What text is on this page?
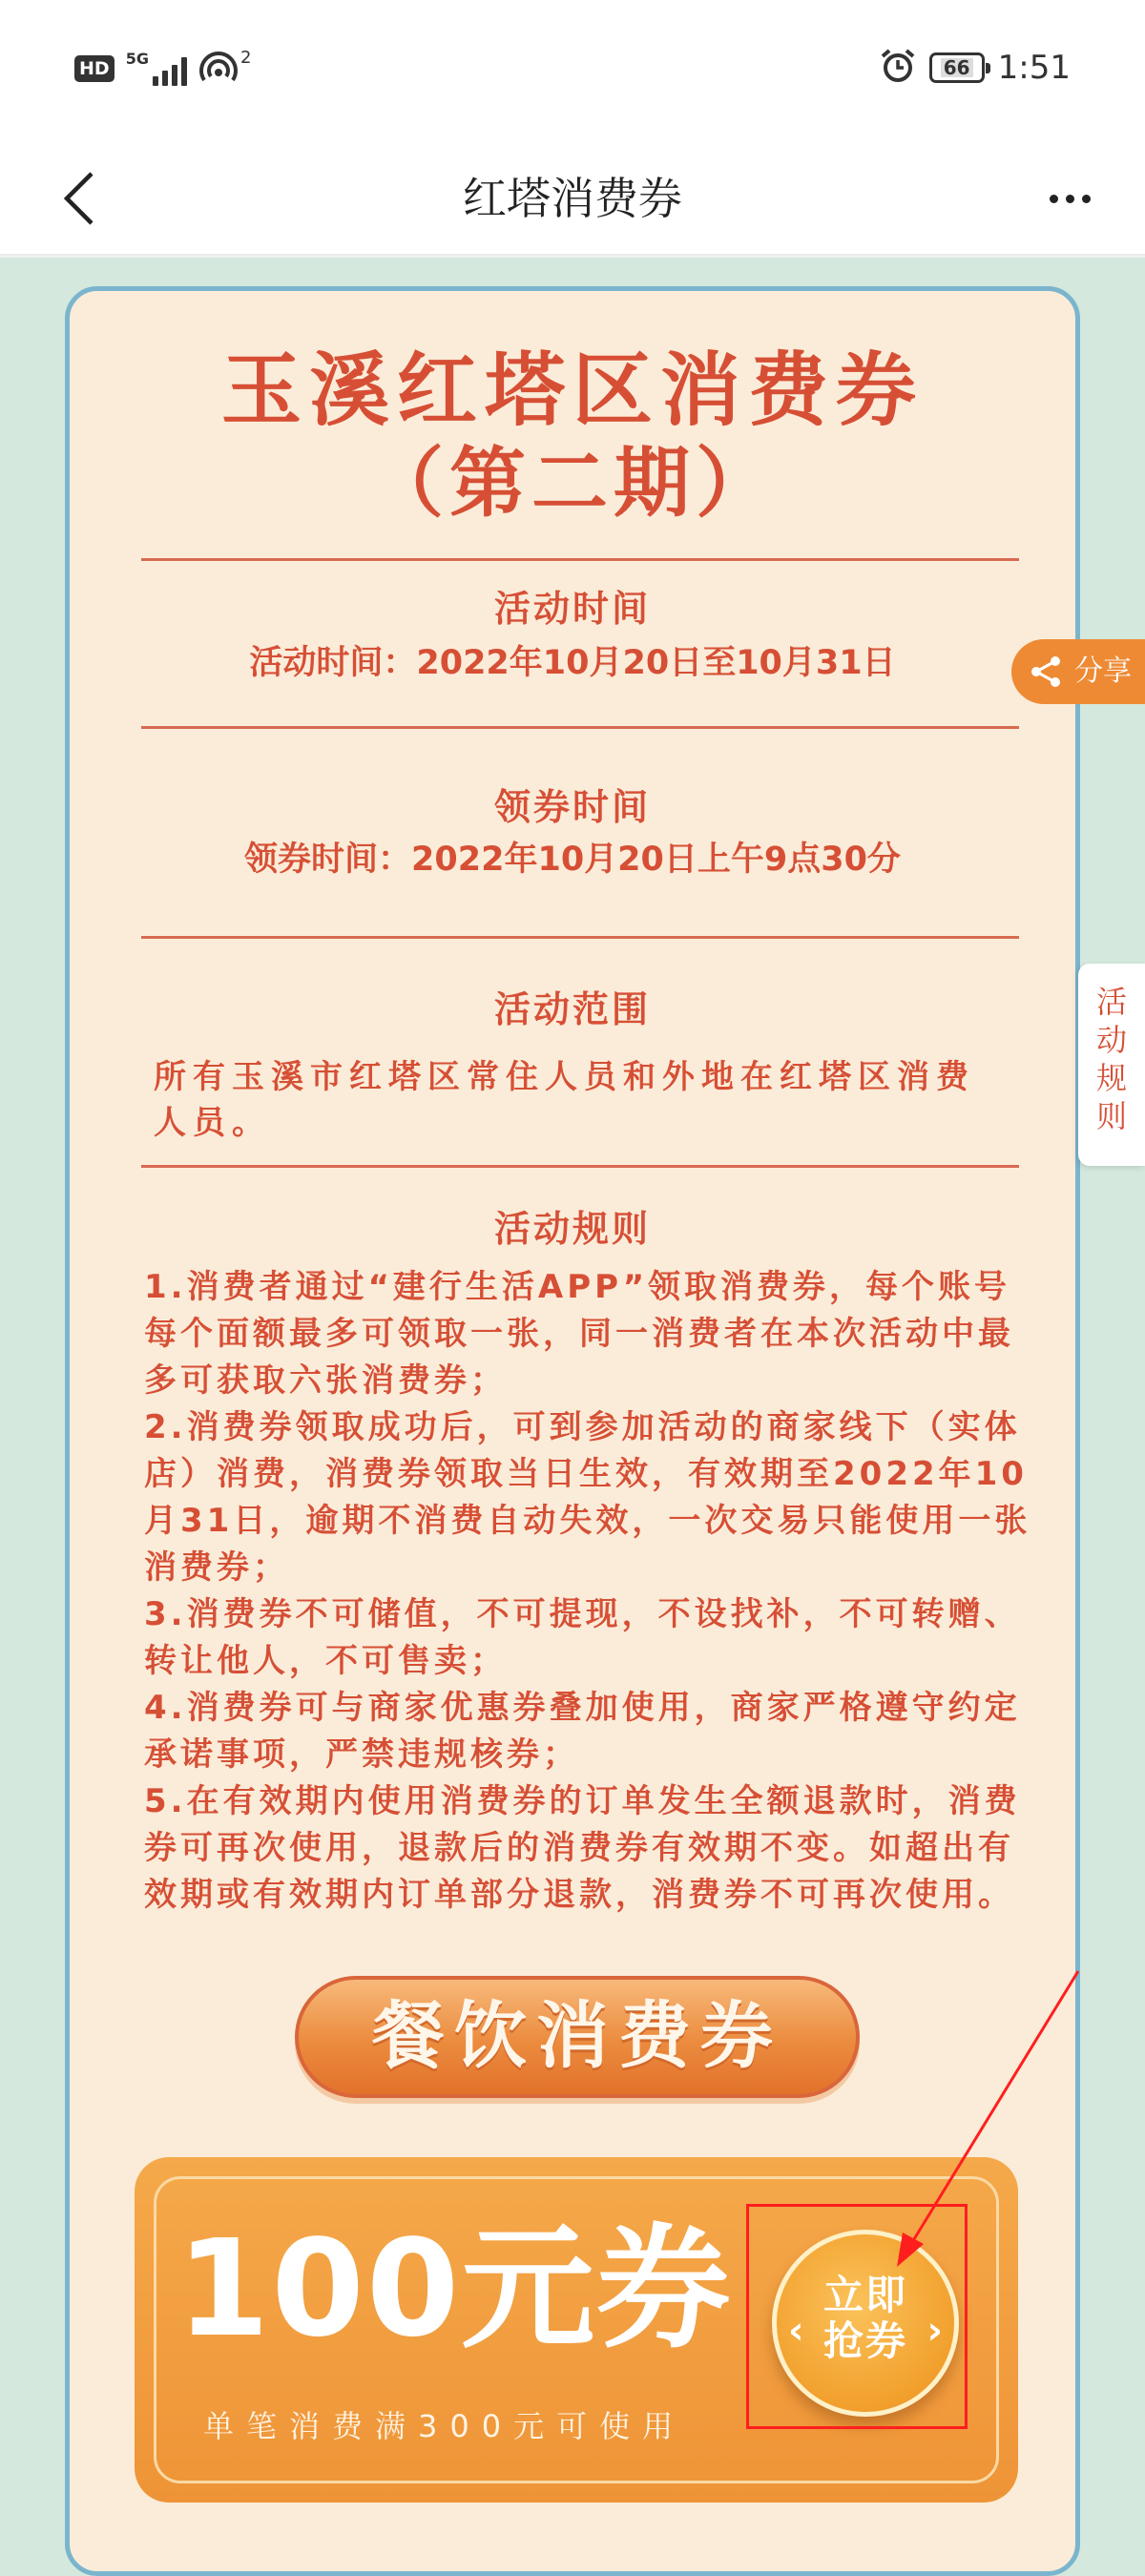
HD	5G	2	66 1:51
红塔消费券
玉溪红塔区消费券
（第二期）
活动时间
活动时间：2022年10月20日至10月31日
领券时间
领券时间：2022年10月20日上午9点30分
活动范围
所有玉溪市红塔区常住人员和外地在红塔区消费人员。
活动规则
1.消费者通过“建行生活APP”领取消费券，每个账号每个面额最多可领取一张，同一消费者在本次活动中最多可获取六张消费券；
2.消费券领取成功后，可到参加活动的商家线下（实体店）消费，消费券领取当日生效，有效期至2022年10月31日，逾期不消费自动失效，一次交易只能使用一张消费券；
3.消费券不可储值，不可提现，不设找补，不可转赠、转让他人，不可售卖；
4.消费券可与商家优惠券叠加使用，商家严格遵守约定承诺事项，严禁违规核券；
5.在有效期内使用消费券的订单发生全额退款时，消费券可再次使用，退款后的消费券有效期不变。如超出有效期或有效期内订单部分退款，消费券不可再次使用。
餐饮消费券
100元券
单笔消费满300元可使用
‹
立即
抢券 ›
分享
活动规则
